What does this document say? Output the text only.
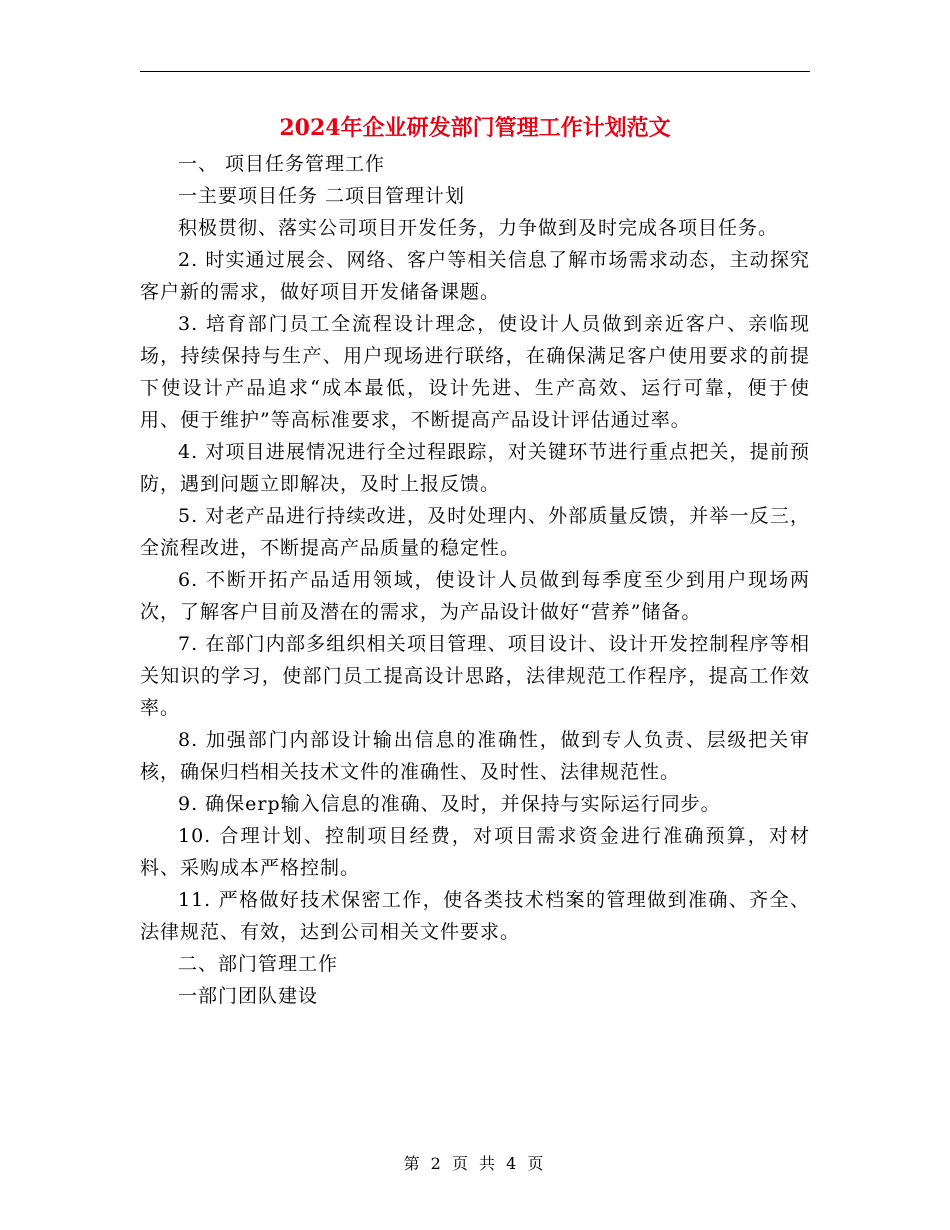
2024年企业研发部门管理工作计划范文

一、 项目任务管理工作

一主要项目任务 二项目管理计划

积极贯彻、落实公司项目开发任务，力争做到及时完成各项目任务。

2. 时实通过展会、网络、客户等相关信息了解市场需求动态，主动探究客户新的需求，做好项目开发储备课题。

3. 培育部门员工全流程设计理念，使设计人员做到亲近客户、亲临现场，持续保持与生产、用户现场进行联络，在确保满足客户使用要求的前提下使设计产品追求“成本最低，设计先进、生产高效、运行可靠，便于使用、便于维护”等高标准要求，不断提高产品设计评估通过率。

4. 对项目进展情况进行全过程跟踪，对关键环节进行重点把关，提前预防，遇到问题立即解决，及时上报反馈。

5. 对老产品进行持续改进，及时处理内、外部质量反馈，并举一反三，全流程改进，不断提高产品质量的稳定性。

6. 不断开拓产品适用领域，使设计人员做到每季度至少到用户现场两次，了解客户目前及潜在的需求，为产品设计做好“营养”储备。

7. 在部门内部多组织相关项目管理、项目设计、设计开发控制程序等相关知识的学习，使部门员工提高设计思路，法律规范工作程序，提高工作效率。

8. 加强部门内部设计输出信息的准确性，做到专人负责、层级把关审核，确保归档相关技术文件的准确性、及时性、法律规范性。

9. 确保erp输入信息的准确、及时，并保持与实际运行同步。

10. 合理计划、控制项目经费，对项目需求资金进行准确预算，对材料、采购成本严格控制。

11. 严格做好技术保密工作，使各类技术档案的管理做到准确、齐全、法律规范、有效，达到公司相关文件要求。

二、部门管理工作

一部门团队建设

第 2 页 共 4 页
